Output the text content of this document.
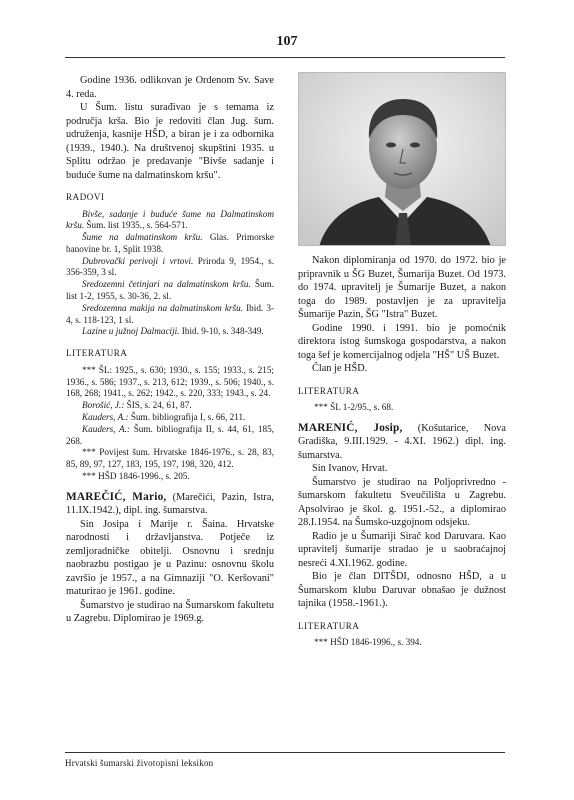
107

Godine 1936. odlikovan je Ordenom Sv. Save 4. reda.

U Šum. listu surađivao je s temama iz područja krša. Bio je redoviti član Jug. šum. udruženja, kasnije HŠD, a biran je i za odbornika (1939., 1940.). Na društvenoj skupštini 1935. u Splitu održao je predavanje "Bivše sadanje i buduće šume na dalmatinskom kršu".

RADOVI

Bivše, sadanje i buduće šume na Dalmatinskom kršu. Šum. list 1935., s. 564-571.

Šume na dalmatinskom kršu. Glas. Primorske banovine br. 1, Split 1938.

Dubrovački perivoji i vrtovi. Priroda 9, 1954., s. 356-359, 3 sl.

Sredozemni četinjari na dalmatinskom kršu. Šum. list 1-2, 1955, s. 30-36, 2. sl.

Sredozemna makija na dalmatinskom kršu. Ibid. 3-4, s. 118-123, 1 sl.

Lazine u južnoj Dalmaciji. Ibid. 9-10, s. 348-349.

LITERATURA

*** ŠL: 1925., s. 630; 1930., s. 155; 1933., s. 215; 1936., s. 586; 1937., s. 213, 612; 1939., s. 506; 1940., s. 168, 268; 1941., s. 262; 1942., s. 220, 333; 1943., s. 24.

Borošić, J.: ŠIS, s. 24, 61, 87.

Kauders, A.: Šum. bibliografija I, s. 66, 211.

Kauders, A.: Šum. bibliografija II, s. 44, 61, 185, 268.

*** Povijest šum. Hrvatske 1846-1976., s. 28, 83, 85, 89, 97, 127, 183, 195, 197, 198, 320, 412.

*** HŠD 1846-1996., s. 205.

MAREČIĆ, Mario, (Marečići, Pazin, Istra, 11.IX.1942.), dipl. ing. šumarstva.

Sin Josipa i Marije r. Šaina. Hrvatske narodnosti i državljanstva. Potječe iz zemljoradničke obitelji. Osnovnu i srednju naobrazbu postigao je u Pazinu: osnovnu školu završio je 1957., a na Gimnaziji "O. Keršovani" maturirao je 1961. godine.

Šumarstvo je studirao na Šumarskom fakultetu u Zagrebu. Diplomirao je 1969.g.

Nakon diplomiranja od 1970. do 1972. bio je pripravnik u ŠG Buzet, Šumarija Buzet. Od 1973. do 1974. upravitelj je Šumarije Buzet, a nakon toga do 1989. postavljen je za upravitelja Šumarije Pazin, ŠG "Istra" Buzet.

Godine 1990. i 1991. bio je pomoćnik direktora istog šumskoga gospodarstva, a nakon toga šef je komercijalnog odjela "HŠ" UŠ Buzet.

Član je HŠD.

LITERATURA

*** ŠL 1-2/95., s. 68.

MARENIĆ, Josip, (Košutarice, Nova Gradiška, 9.III.1929. - 4.XI. 1962.) dipl. ing. šumarstva.

Sin Ivanov, Hrvat.

Šumarstvo je studirao na Poljoprivredno - šumarskom fakultetu Sveučilišta u Zagrebu. Apsolvirao je škol. g. 1951.-52., a diplomirao 28.I.1954. na Šumsko-uzgojnom odsjeku.

Radio je u Šumariji Sirač kod Daruvara. Kao upravitelj šumarije stradao je u saobraćajnoj nesreći 4.XI.1962. godine.

Bio je član DITŠDI, odnosno HŠD, a u Šumarskom klubu Daruvar obnašao je dužnost tajnika (1958.-1961.).

LITERATURA

*** HŠD 1846-1996., s. 394.

Hrvatski šumarski životopisni leksikon
